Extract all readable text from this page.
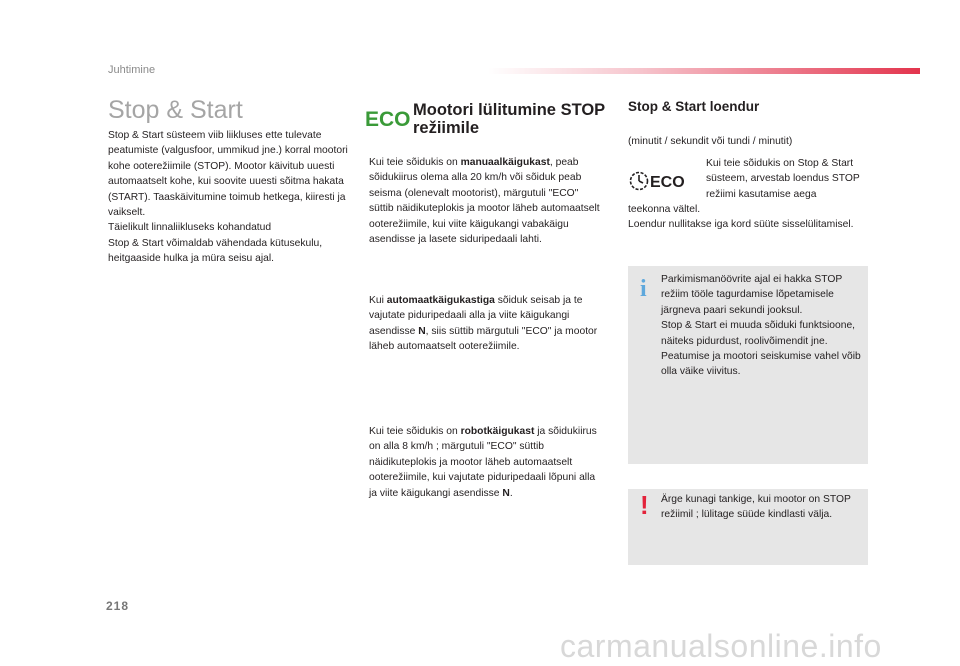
Juhtimine
Stop & Start
Stop & Start süsteem viib liikluses ette tulevate peatumiste (valgusfoor, ummikud jne.) korral mootori kohe ooterežiimile (STOP). Mootor käivitub uuesti automaatselt kohe, kui soovite uuesti sõitma hakata (START). Taaskäivitumine toimub hetkega, kiiresti ja vaikselt.
Täielikult linnaliikluseks kohandatud
Stop & Start võimaldab vähendada kütusekulu, heitgaaside hulka ja müra seisu ajal.
ECO Mootori lülitumine STOP režiimile
Kui teie sõidukis on manuaalkäigukast, peab sõidukiirus olema alla 20 km/h või sõiduk peab seisma (olenevalt mootorist), märgutuli "ECO" süttib näidikuteplokis ja mootor läheb automaatselt ooterežiimile, kui viite käigukangi vabakäigu asendisse ja lasete siduripedaali lahti.
Kui automaatkäigukastiga sõiduk seisab ja te vajutate piduripedaali alla ja viite käigukangi asendisse N, siis süttib märgutuli "ECO" ja mootor läheb automaatselt ooterežiimile.
Kui teie sõidukis on robotkäigukast ja sõidukiirus on alla 8 km/h ; märgutuli "ECO" süttib näidikuteplokis ja mootor läheb automaatselt ooterežiimile, kui vajutate piduripedaali lõpuni alla ja viite käigukangi asendisse N.
Stop & Start loendur
(minutit / sekundit või tundi / minutit)
ECO
Kui teie sõidukis on Stop & Start süsteem, arvestab loendus STOP režiimi kasutamise aega
teekonna vältel.
Loendur nullitakse iga kord süüte sisselülitamisel.
i Parkimismanöövrite ajal ei hakka STOP režiim tööle tagurdamise lõpetamisele järgneva paari sekundi jooksul.
Stop & Start ei muuda sõiduki funktsioone, näiteks pidurdust, roolivõimendit jne.
Peatumise ja mootori seiskumise vahel võib olla väike viivitus.
! Ärge kunagi tankige, kui mootor on STOP režiimil ; lülitage süüde kindlasti välja.
218
carmanualsonline.info
